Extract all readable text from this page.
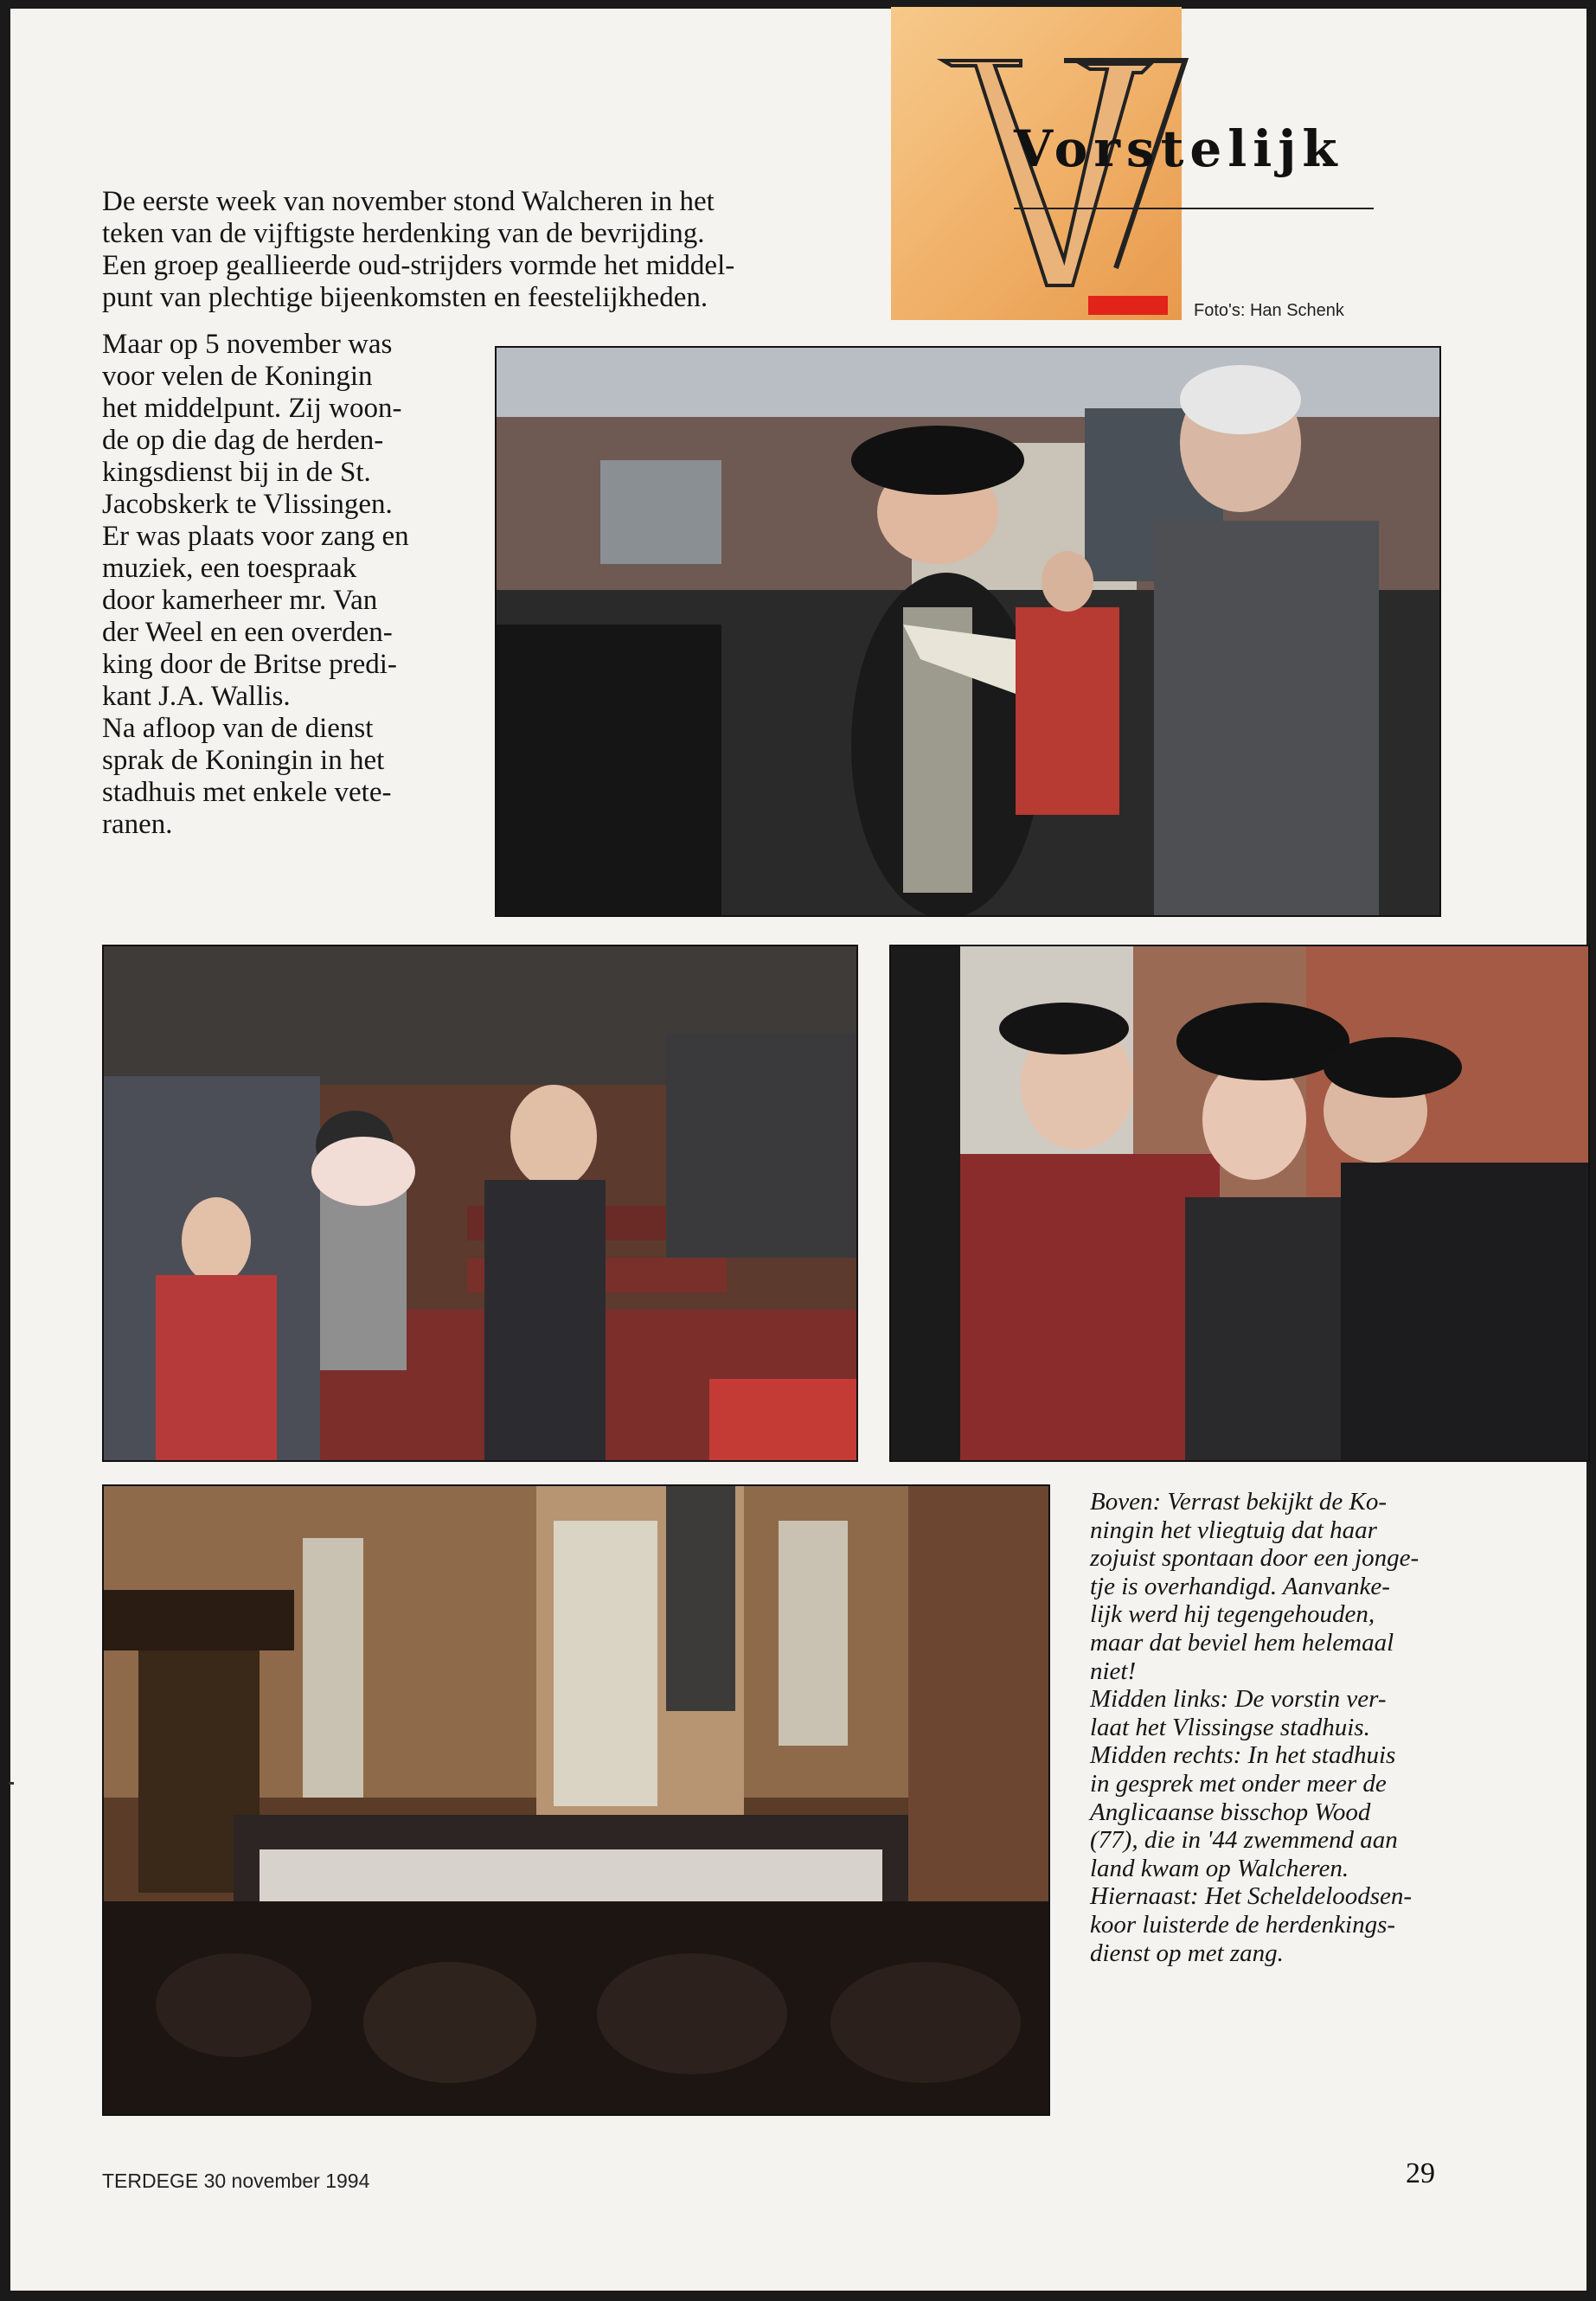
Vorstelijk
Foto's: Han Schenk
De eerste week van november stond Walcheren in het
teken van de vijftigste herdenking van de bevrijding.
Een groep geallieerde oud-strijders vormde het middel-
punt van plechtige bijeenkomsten en feestelijkheden.
Maar op 5 november was
voor velen de Koningin
het middelpunt. Zij woon-
de op die dag de herden-
kingsdienst bij in de St.
Jacobskerk te Vlissingen.
Er was plaats voor zang en
muziek, een toespraak
door kamerheer mr. Van
der Weel en een overden-
king door de Britse predi-
kant J.A. Wallis.
Na afloop van de dienst
sprak de Koningin in het
stadhuis met enkele vete-
ranen.
Boven: Verrast bekijkt de Ko-
ningin het vliegtuig dat haar
zojuist spontaan door een jonge-
tje is overhandigd. Aanvanke-
lijk werd hij tegengehouden,
maar dat beviel hem helemaal
niet!
Midden links: De vorstin ver-
laat het Vlissingse stadhuis.
Midden rechts: In het stadhuis
in gesprek met onder meer de
Anglicaanse bisschop Wood
(77), die in '44 zwemmend aan
land kwam op Walcheren.
Hiernaast: Het Scheldeloodsen-
koor luisterde de herdenkings-
dienst op met zang.
TERDEGE 30 november 1994	29
